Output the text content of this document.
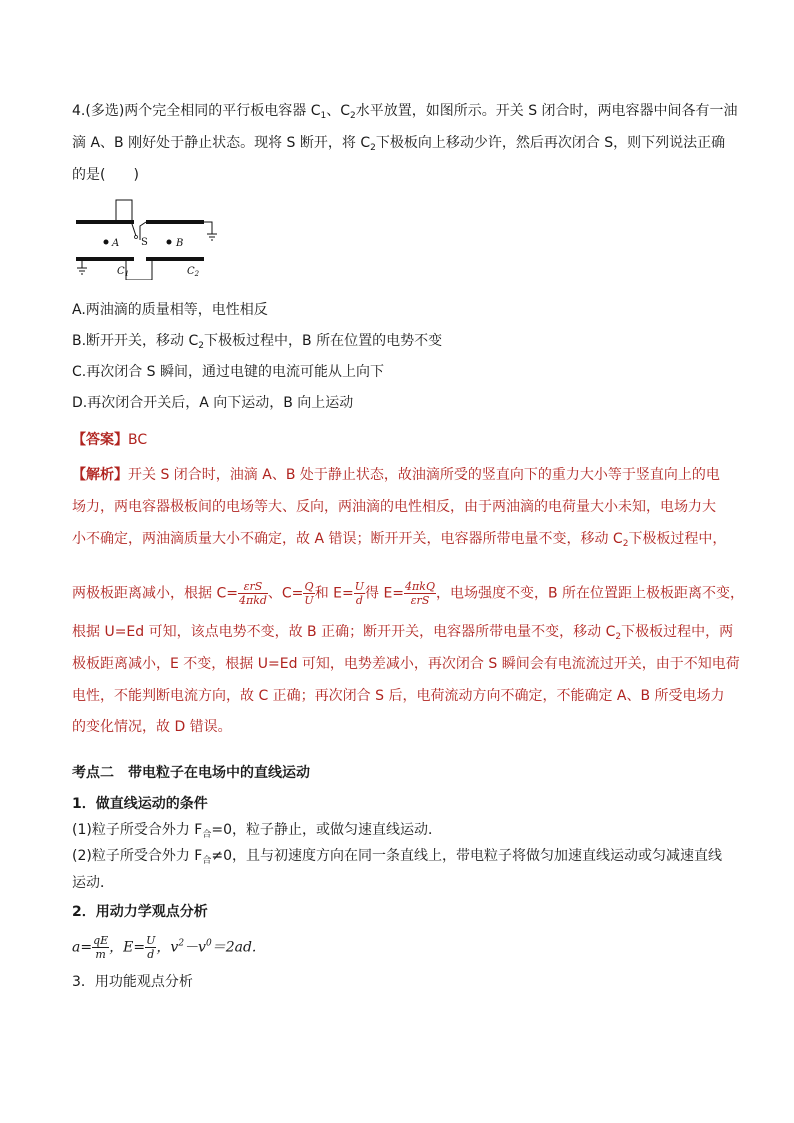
4.(多选)两个完全相同的平行板电容器 $C_1$、$C_2$水平放置，如图所示。开关 S 闭合时，两电容器中间各有一油
滴 A、B 刚好处于静止状态。现将 S 断开，将 $C_2$下极板向上移动少许，然后再次闭合 S，则下列说法正确
的是(　　)
A S	B
$C_1$	$C_2$
A.两油滴的质量相等，电性相反
B.断开开关，移动 $C_2$下极板过程中，B 所在位置的电势不变
C.再次闭合 S 瞬间，通过电键的电流可能从上向下
D.再次闭合开关后，A 向下运动，B 向上运动
【答案】BC
【解析】开关 S 闭合时，油滴 A、B 处于静止状态，故油滴所受的竖直向下的重力大小等于竖直向上的电
场力，两电容器极板间的电场等大、反向，两油滴的电性相反，由于两油滴的电荷量大小未知，电场力大
小不确定，两油滴质量大小不确定，故 A 错误；断开开关，电容器所带电量不变，移动 $C_2$下极板过程中，
两极板距离减小，根据 $C= \frac{\text{εrS}}{\text{4πkd}}$ 、$C= \frac{Q}{U}$ 和 $E= \frac{U}{d}$ 得 $E= \frac{\text{4πkQ}}{\text{εrS}}$ ，电场强度不变，B 所在位置距上极板距离不变，
根据 U=Ed 可知，该点电势不变，故 B 正确；断开开关，电容器所带电量不变，移动 $C_2$下极板过程中，两
极板距离减小，E 不变，根据 U=Ed 可知，电势差减小，再次闭合 S 瞬间会有电流流过开关，由于不知电荷
电性，不能判断电流方向，故 C 正确；再次闭合 S 后，电荷流动方向不确定，不能确定 A、B 所受电场力
的变化情况，故 D 错误。
考点二　带电粒子在电场中的直线运动
1．做直线运动的条件
(1)粒子所受合外力 $F_合=0$，粒子静止，或做匀速直线运动．
(2)粒子所受合外力 $F_合\ne 0$，且与初速度方向在同一条直线上，带电粒子将做匀加速直线运动或匀减速直线
运动．
2．用动力学观点分析
$a= \frac{qE}{m}$ ，$E= \frac{U}{d}$ ，$v^2-v^0=2ad$.
3．用功能观点分析
